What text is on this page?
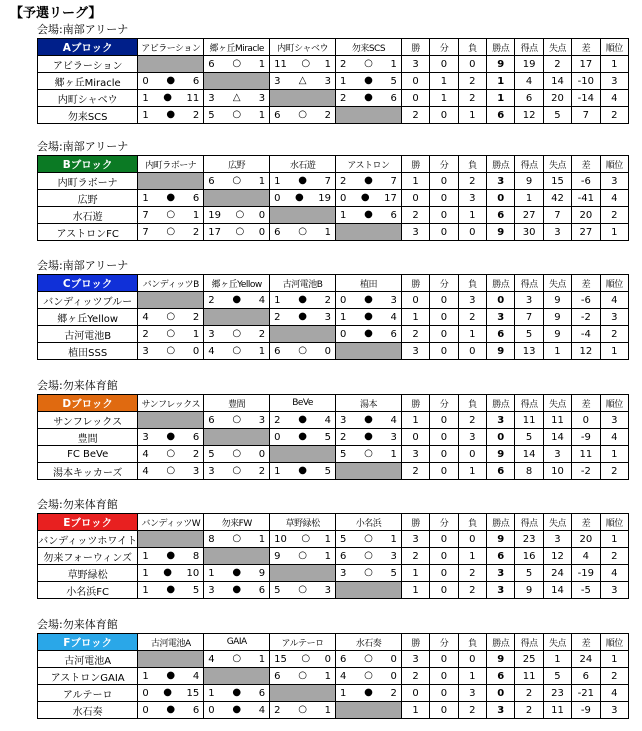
【予選リーグ】
会場:南部アリーナ
Aブロック	アビラーション	郷ヶ丘Miracle	内町シャベウ	勿来SCS	勝	分	負	勝点	得点	失点	差	順位
アビラーション		6 ○ 1	11 ○ 1	2 ○ 1	3	0	0	9	19	2	17	1
郷ヶ丘Miracle	0 ● 6		3 △ 3	1 ● 5	0	1	2	1	4	14	-10	3
内町シャベウ	1 ● 11	3 △ 3		2 ● 6	0	1	2	1	6	20	-14	4
勿来SCS	1 ● 2	5 ○ 1	6 ○ 2		2	0	1	6	12	5	7	2
会場:南部アリーナ
Bブロック	内町ラボーナ	広野	水石遊	アストロン	勝	分	負	勝点	得点	失点	差	順位
内町ラボーナ		6 ○ 1	1 ● 7	2 ● 7	1	0	2	3	9	15	-6	3
広野	1 ● 6		0 ● 19	0 ● 17	0	0	3	0	1	42	-41	4
水石遊	7 ○ 1	19 ○ 0		1 ● 6	2	0	1	6	27	7	20	2
アストロンFC	7 ○ 2	17 ○ 0	6 ○ 1		3	0	0	9	30	3	27	1
会場:南部アリーナ
Cブロック	バンディッツB	郷ヶ丘Yellow	古河電池B	植田	勝	分	負	勝点	得点	失点	差	順位
バンディッツブルー		2 ● 4	1 ● 2	0 ● 3	0	0	3	0	3	9	-6	4
郷ヶ丘Yellow	4 ○ 2		2 ● 3	1 ● 4	1	0	2	3	7	9	-2	3
古河電池B	2 ○ 1	3 ○ 2		0 ● 6	2	0	1	6	5	9	-4	2
植田SSS	3 ○ 0	4 ○ 1	6 ○ 0		3	0	0	9	13	1	12	1
会場:勿来体育館
Dブロック	サンフレックス	豊間	BeVe	湯本	勝	分	負	勝点	得点	失点	差	順位
サンフレックス		6 ○ 3	2 ● 4	3 ● 4	1	0	2	3	11	11	0	3
豊間	3 ● 6		0 ● 5	2 ● 3	0	0	3	0	5	14	-9	4
FC BeVe	4 ○ 2	5 ○ 0		5 ○ 1	3	0	0	9	14	3	11	1
湯本キッカーズ	4 ○ 3	3 ○ 2	1 ● 5		2	0	1	6	8	10	-2	2
会場:勿来体育館
Eブロック	バンディッツW	勿来FW	草野緑松	小名浜	勝	分	負	勝点	得点	失点	差	順位
バンディッツホワイト		8 ○ 1	10 ○ 1	5 ○ 1	3	0	0	9	23	3	20	1
勿来フォーウィンズ	1 ● 8		9 ○ 1	6 ○ 3	2	0	1	6	16	12	4	2
草野緑松	1 ● 10	1 ● 9		3 ○ 5	1	0	2	3	5	24	-19	4
小名浜FC	1 ● 5	3 ● 6	5 ○ 3		1	0	2	3	9	14	-5	3
会場:勿来体育館
Fブロック	古河電池A	GAIA	アルテーロ	水石奏	勝	分	負	勝点	得点	失点	差	順位
古河電池A		4 ○ 1	15 ○ 0	6 ○ 0	3	0	0	9	25	1	24	1
アストロンGAIA	1 ● 4		6 ○ 1	4 ○ 0	2	0	1	6	11	5	6	2
アルテーロ	0 ● 15	1 ● 6		1 ● 2	0	0	3	0	2	23	-21	4
水石奏	0 ● 6	0 ● 4	2 ○ 1		1	0	2	3	2	11	-9	3
